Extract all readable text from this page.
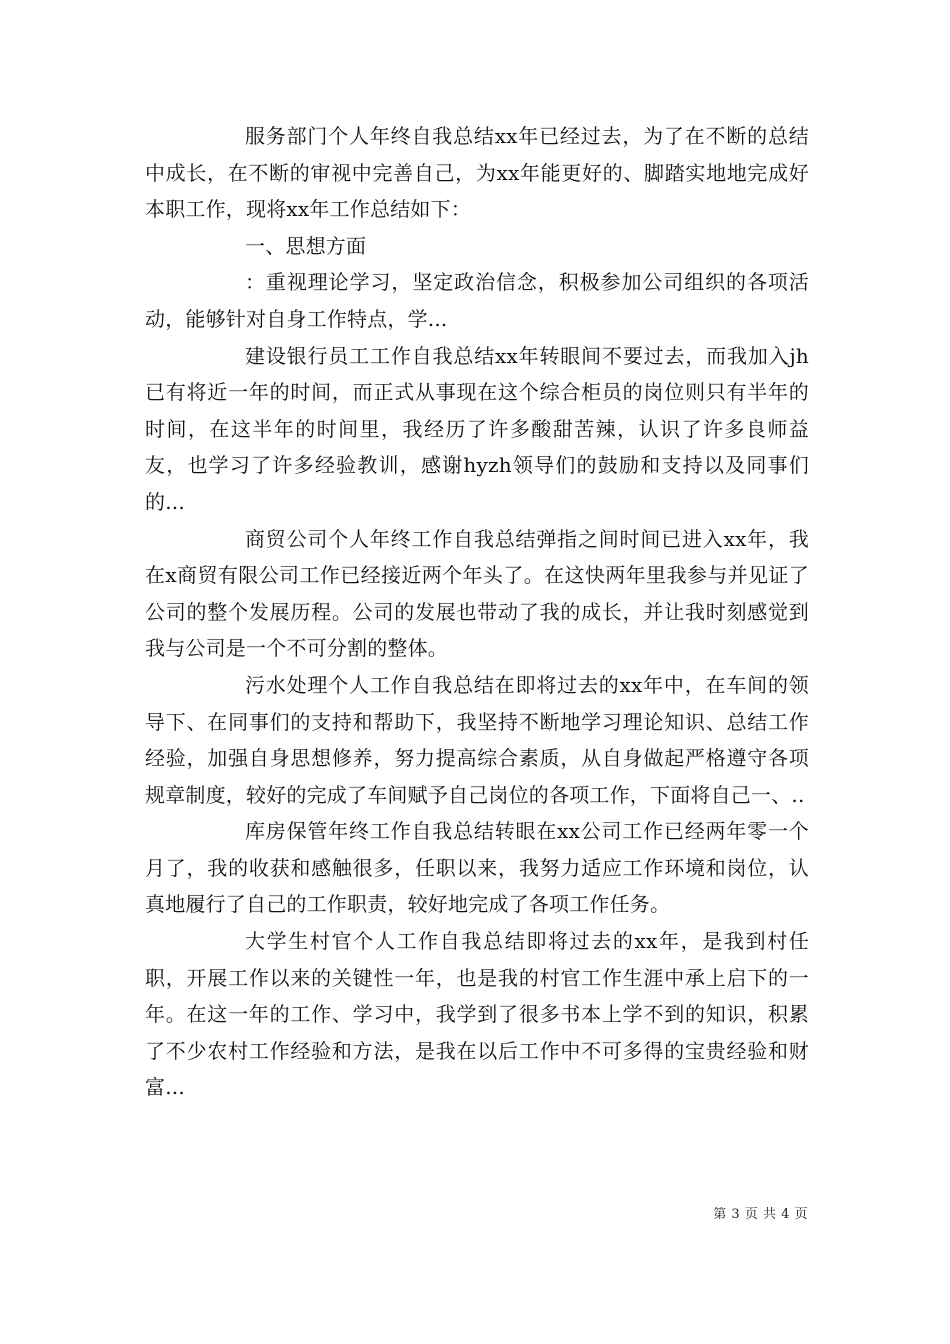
服务部门个人年终自我总结xx年已经过去，为了在不断的总结中成长，在不断的审视中完善自己，为xx年能更好的、脚踏实地地完成好本职工作，现将xx年工作总结如下：

一、思想方面

：重视理论学习，坚定政治信念，积极参加公司组织的各项活动，能够针对自身工作特点，学...

建设银行员工工作自我总结xx年转眼间不要过去，而我加入jh已有将近一年的时间，而正式从事现在这个综合柜员的岗位则只有半年的时间，在这半年的时间里，我经历了许多酸甜苦辣，认识了许多良师益友，也学习了许多经验教训，感谢hyzh领导们的鼓励和支持以及同事们的...

商贸公司个人年终工作自我总结弹指之间时间已进入xx年，我在x商贸有限公司工作已经接近两个年头了。在这快两年里我参与并见证了公司的整个发展历程。公司的发展也带动了我的成长，并让我时刻感觉到我与公司是一个不可分割的整体。

污水处理个人工作自我总结在即将过去的xx年中，在车间的领导下、在同事们的支持和帮助下，我坚持不断地学习理论知识、总结工作经验，加强自身思想修养，努力提高综合素质，从自身做起严格遵守各项规章制度，较好的完成了车间赋予自己岗位的各项工作，下面将自己一、..

库房保管年终工作自我总结转眼在xx公司工作已经两年零一个月了，我的收获和感触很多，任职以来，我努力适应工作环境和岗位，认真地履行了自己的工作职责，较好地完成了各项工作任务。

大学生村官个人工作自我总结即将过去的xx年，是我到村任职，开展工作以来的关键性一年，也是我的村官工作生涯中承上启下的一年。在这一年的工作、学习中，我学到了很多书本上学不到的知识，积累了不少农村工作经验和方法，是我在以后工作中不可多得的宝贵经验和财富...

第 3 页 共 4 页
